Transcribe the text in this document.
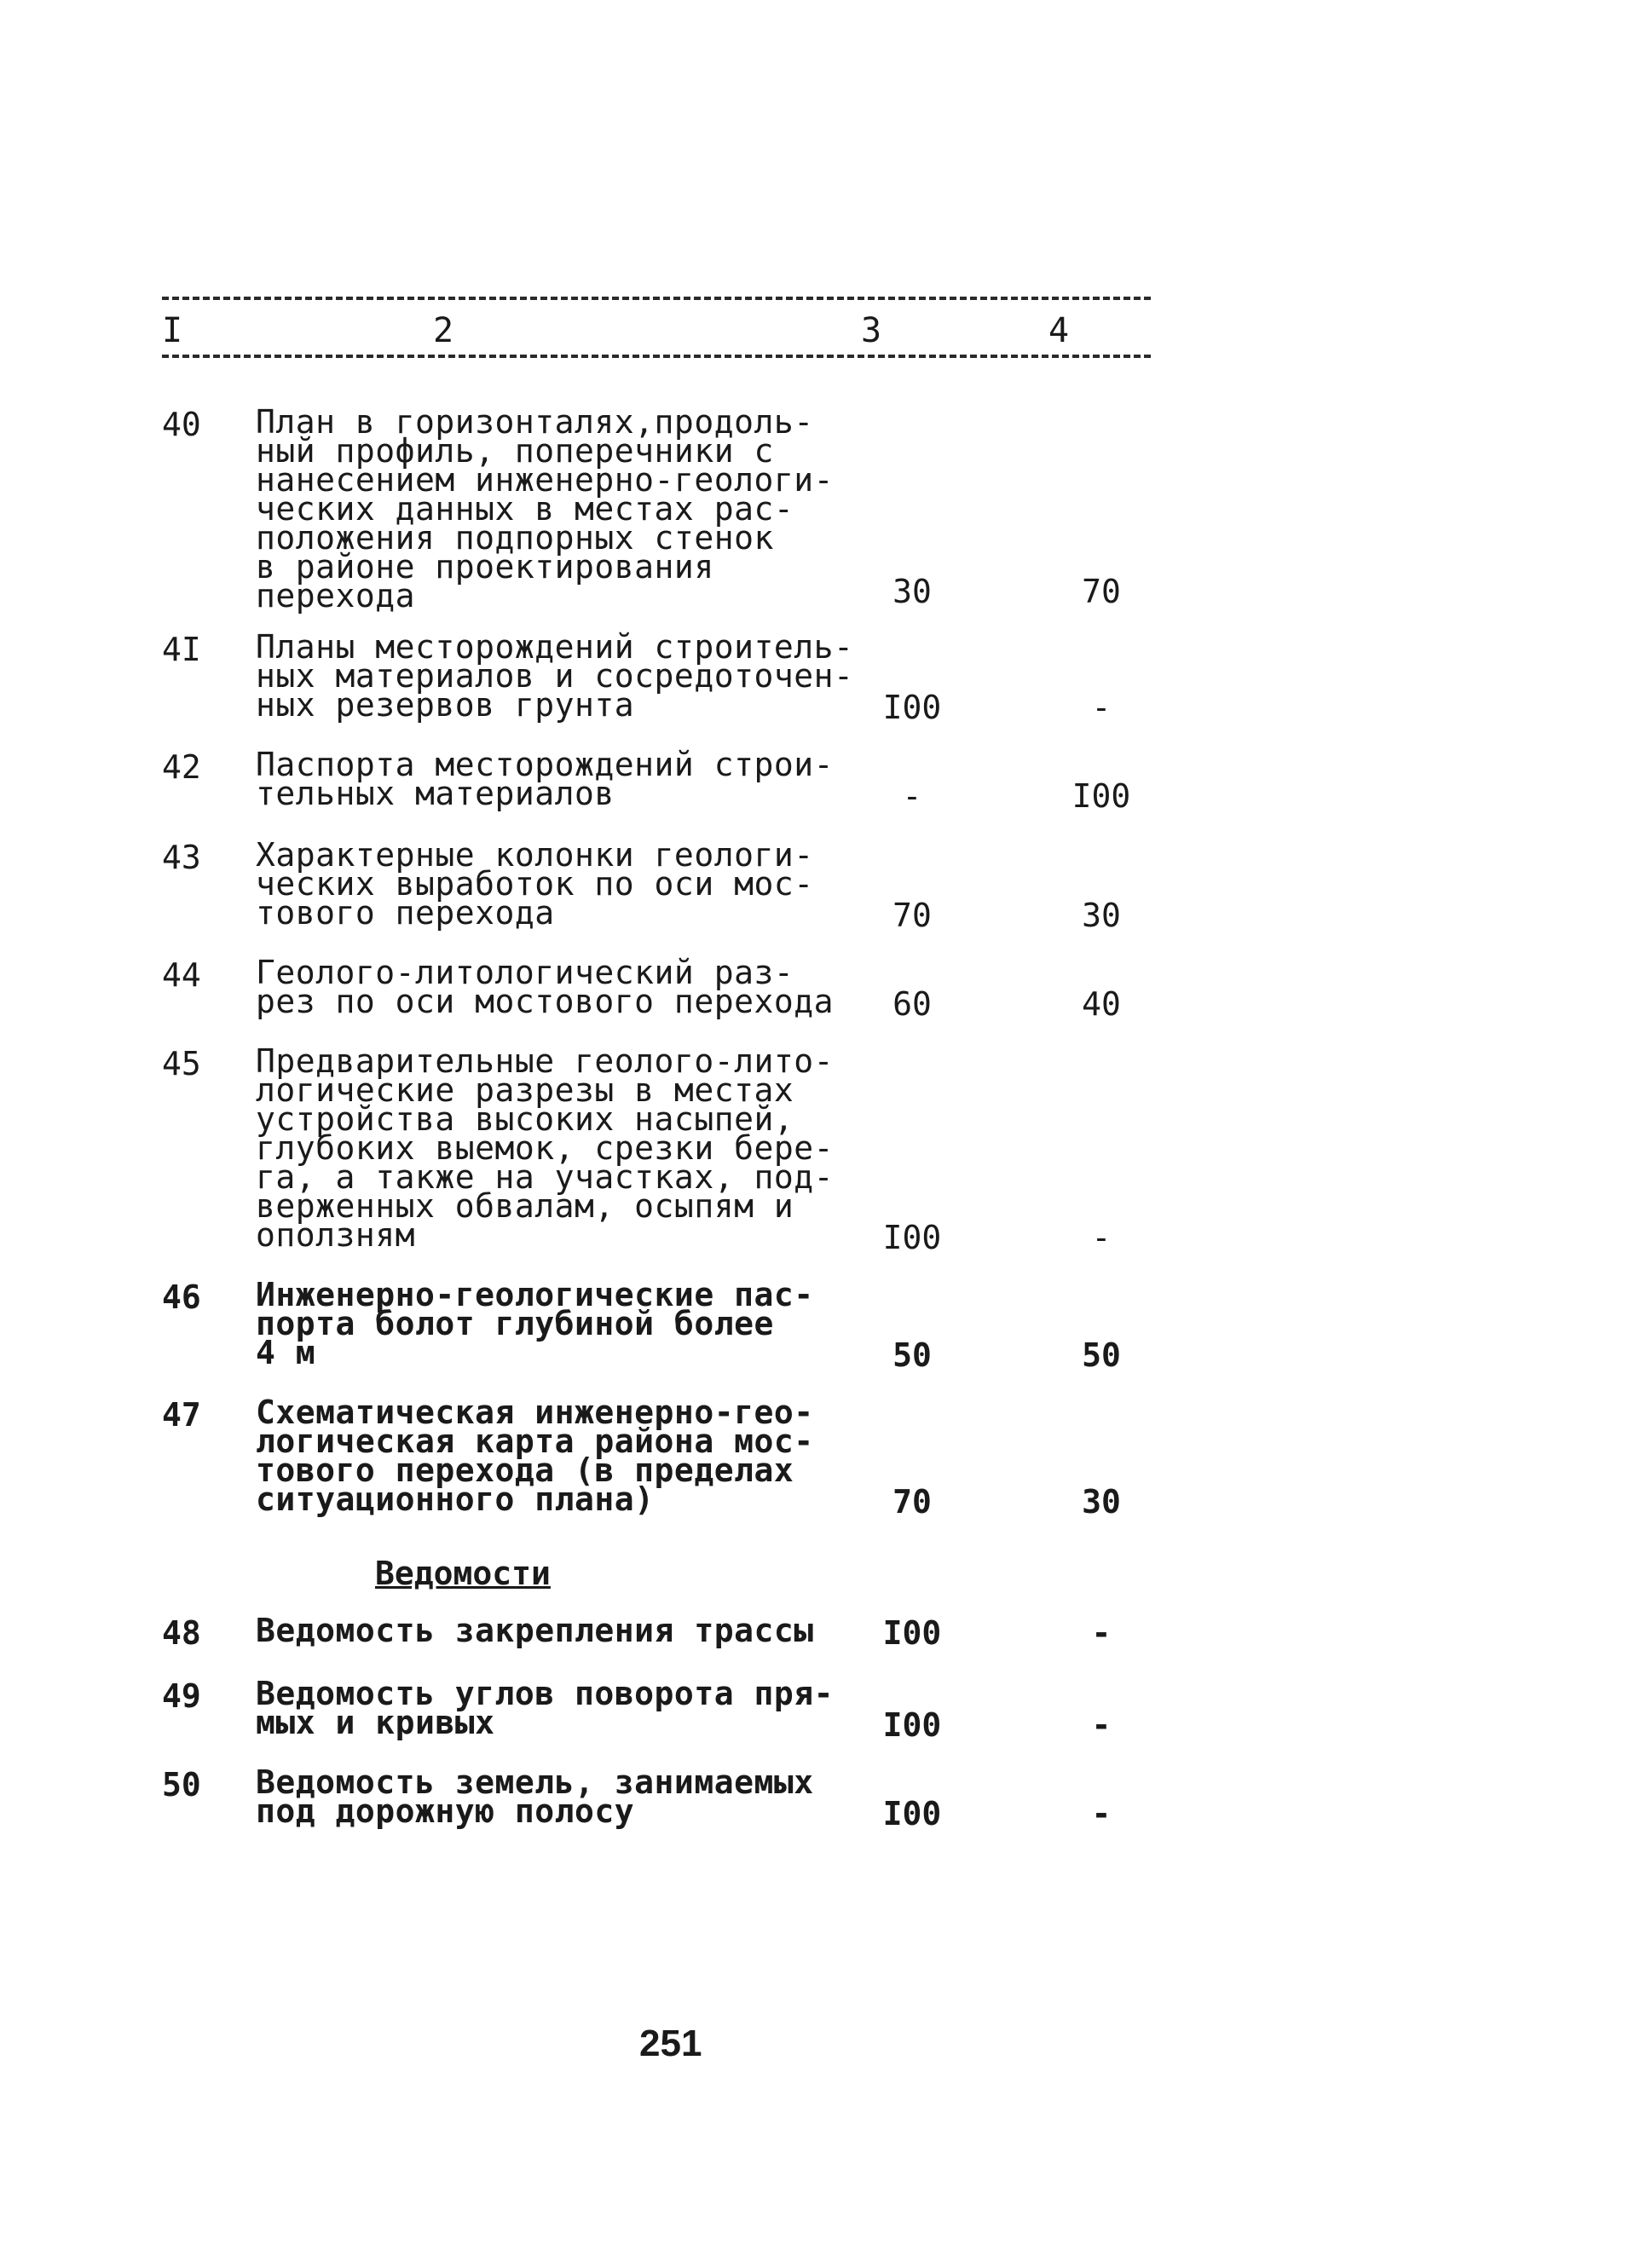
I	2	3	4
40	План в горизонталях,продоль-
ный профиль, поперечники с
нанесением инженерно-геологи-
ческих данных в местах рас-
положения подпорных стенок
в районе проектирования
перехода	30	70
4I	Планы месторождений строитель-
ных материалов и сосредоточен-
ных резервов грунта	I00	-
42	Паспорта месторождений строи-
тельных материалов	-	I00
43	Характерные колонки геологи-
ческих выработок по оси мос-
тового перехода	70	30
44	Геолого-литологический раз-
рез по оси мостового перехода	60	40
45	Предварительные геолого-лито-
логические разрезы в местах
устройства высоких насыпей,
глубоких выемок, срезки бере-
га, а также на участках, под-
верженных обвалам, осыпям и
оползням	I00	-
46	Инженерно-геологические пас-
порта болот глубиной более
4 м	50	50
47	Схематическая инженерно-гео-
логическая карта района мос-
тового перехода (в пределах
ситуационного плана)	70	30
Ведомости
48	Ведомость закрепления трассы	I00	-
49	Ведомость углов поворота пря-
мых и кривых	I00	-
50	Ведомость земель, занимаемых
под дорожную полосу	I00	-
251
